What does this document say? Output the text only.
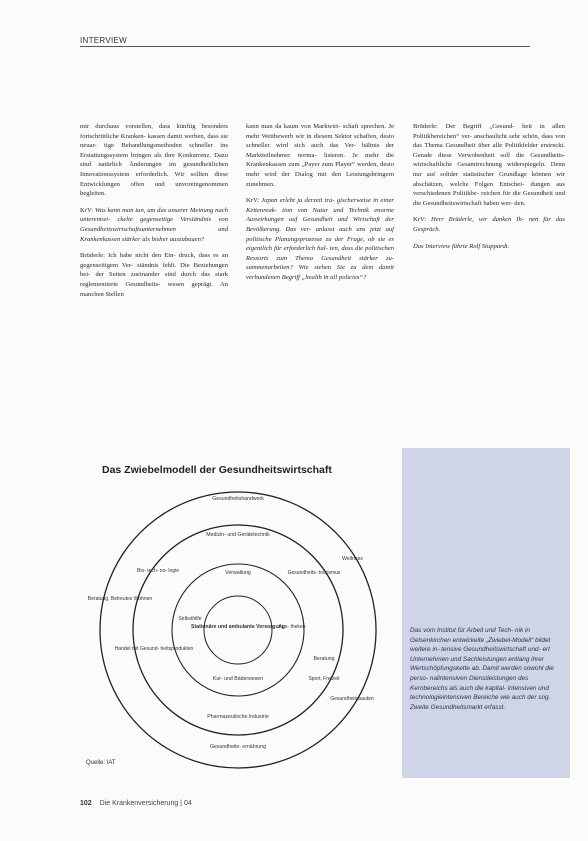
INTERVIEW

mir durchaus vorstellen, dass künftig besonders fortschrittliche Kranken- kassen damit werben, dass sie neuar- tige Behandlungsmethoden schneller ins Erstattungssystem bringen als ihre Konkurrenz. Dazu sind natürlich Änderungen im gesundheitlichen Innovationssystem erforderlich. Wir sollten diese Entwicklungen offen und unvoreingenommen begleiten.

KrV: Was kann man tun, um das unserer Meinung nach unterentwi- ckelte gegenseitige Verständnis von Gesundheitswirtschaftsunternehmen und Krankenkassen stärker als bisher auszubauen?

Brüderle: Ich habe nicht den Ein- druck, dass es an gegenseitigem Ver- ständnis fehlt. Die Beziehungen bei- der Seiten zueinander sind durch das stark reglementierte Gesundheits- wesen geprägt. An manchen Stellen

kann man da kaum von Markwirt- schaft sprechen. Je mehr Wettbewerb wir in diesem Sektor schaffen, desto schneller wird sich auch das Ver- hältnis der Marktteilnehmer norma- lisieren. Je mehr die Krankenkassen zum „Payer zum Player“ werden, desto mehr wird der Dialog mit den Leistungsbringern zunehmen.

KrV: Japan erlebt ja derzeit tra- gischerweise in einer Kettenreak- tion von Natur und Technik enorme Auswirkungen auf Gesundheit und Wirtschaft der Bevölkerung. Das ver- anlasst auch uns jetzt auf politische Planungsprozesse zu der Frage, ob sie es eigentlich für erforderlich hal- ten, dass die politischen Ressorts zum Thema Gesundheit stärker zu- sammenarbeiten? Wie stehen Sie zu dem damit verbundenen Begriff „health in all policies“?

Brüderle: Der Begriff „Gesund- heit in allen Politikbereichen“ ver- anschaulicht sehr schön, dass von das Thema Gesundheit über alle Politikfelder erstreckt. Gerade diese Verwobenheit soll die Gesundheits- wirtschaftliche Gesamtrechnung widerspiegeln. Denn nur auf solider statistischer Grundlage können wir abschätzen, welche Folgen Entschei- dungen aus verschiedenen Politikbe- reichen für die Gesundheit und die Gesundheitswirtschaft haben wer- den.

KrV: Herr Brüderle, wir danken Ih- nen für das Gespräch.

Das Interview führte Rolf Stuppardt.

Das vom Institut für Arbeit und Tech- nik in Gelsenkirchen entwickelte „Zwiebel-Modell“ bildet weitere in- tensive Gesundheitswirtschaft und- ert Unternehmen und Sachleistungen entlang ihrer Wertschöpfungskette ab. Damit werden sowohl die perso- nalintensiven Dienstleistungen des Kernbereichs als auch die kapital- intensiven und technologieintensiven Bereiche wie auch der sog. Zweite Gesundheitsmarkt erfasst.
Gesundheitshandwerk
Medizin- und Gerätetechnik
Wellness
Bio- tech- no- logie	Verwaltung	Gesundheits- tourismus
Beratung, Betreutes Wohnen
Selbsthilfe
Stationäre und ambulante Versorgung
Apo- theken
Handel mit Gesund- heitsprodukten
Kur- und Bäderwesen	Sport, Freizeit
Beratung
Gesundheitsbauten
Pharmazeutische Industrie
Gesundheits- ernährung
Das Zwiebelmodell der Gesundheitswirtschaft
Quelle: IAT
102 Die Krankenversicherung | 04
